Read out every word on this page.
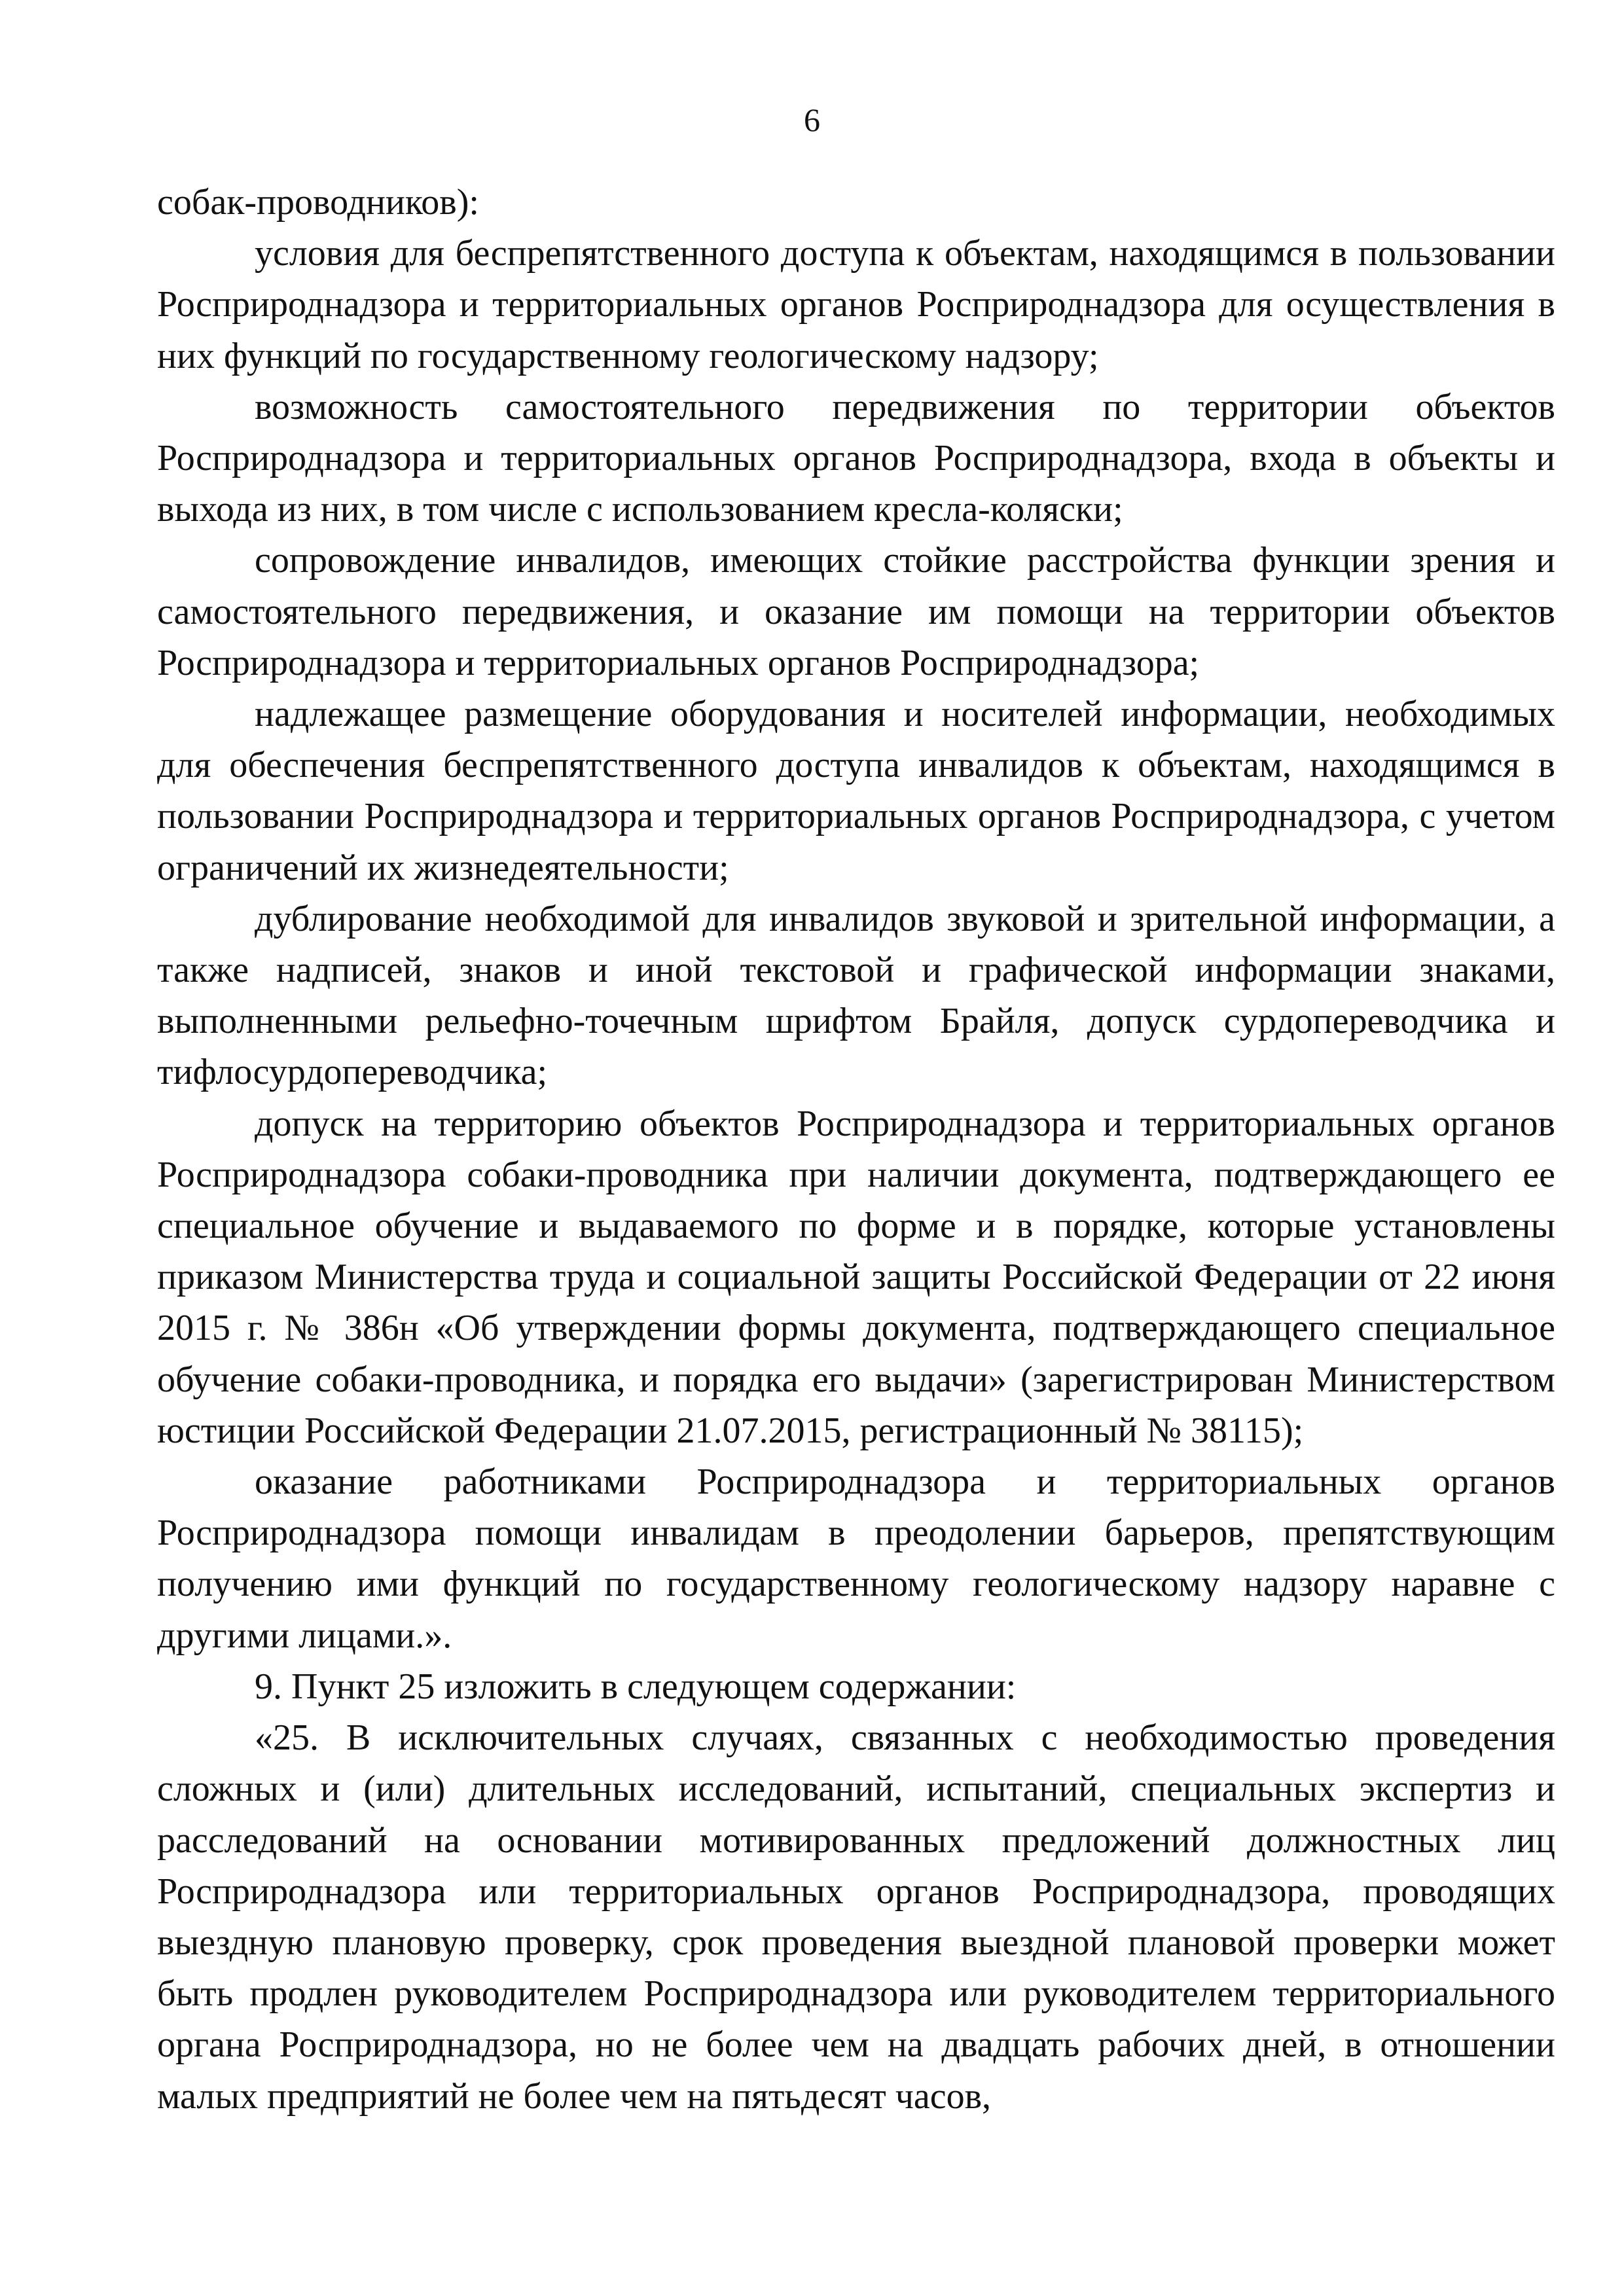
6

собак-проводников):

условия для беспрепятственного доступа к объектам, находящимся в пользовании Росприроднадзора и территориальных органов Росприроднадзора для осуществления в них функций по государственному геологическому надзору;

возможность самостоятельного передвижения по территории объектов Росприроднадзора и территориальных органов Росприроднадзора, входа в объекты и выхода из них, в том числе с использованием кресла-коляски;

сопровождение инвалидов, имеющих стойкие расстройства функции зрения и самостоятельного передвижения, и оказание им помощи на территории объектов Росприроднадзора и территориальных органов Росприроднадзора;

надлежащее размещение оборудования и носителей информации, необходимых для обеспечения беспрепятственного доступа инвалидов к объектам, находящимся в пользовании Росприроднадзора и территориальных органов Росприроднадзора, с учетом ограничений их жизнедеятельности;

дублирование необходимой для инвалидов звуковой и зрительной информации, а также надписей, знаков и иной текстовой и графической информации знаками, выполненными рельефно-точечным шрифтом Брайля, допуск сурдопереводчика и тифлосурдопереводчика;

допуск на территорию объектов Росприроднадзора и территориальных органов Росприроднадзора собаки-проводника при наличии документа, подтверждающего ее специальное обучение и выдаваемого по форме и в порядке, которые установлены приказом Министерства труда и социальной защиты Российской Федерации от 22 июня 2015 г. № 386н «Об утверждении формы документа, подтверждающего специальное обучение собаки-проводника, и порядка его выдачи» (зарегистрирован Министерством юстиции Российской Федерации 21.07.2015, регистрационный № 38115);

оказание работниками Росприроднадзора и территориальных органов Росприроднадзора помощи инвалидам в преодолении барьеров, препятствующим получению ими функций по государственному геологическому надзору наравне с другими лицами.».

9. Пункт 25 изложить в следующем содержании:

«25. В исключительных случаях, связанных с необходимостью проведения сложных и (или) длительных исследований, испытаний, специальных экспертиз и расследований на основании мотивированных предложений должностных лиц Росприроднадзора или территориальных органов Росприроднадзора, проводящих выездную плановую проверку, срок проведения выездной плановой проверки может быть продлен руководителем Росприроднадзора или руководителем территориального органа Росприроднадзора, но не более чем на двадцать рабочих дней, в отношении малых предприятий не более чем на пятьдесят часов,
